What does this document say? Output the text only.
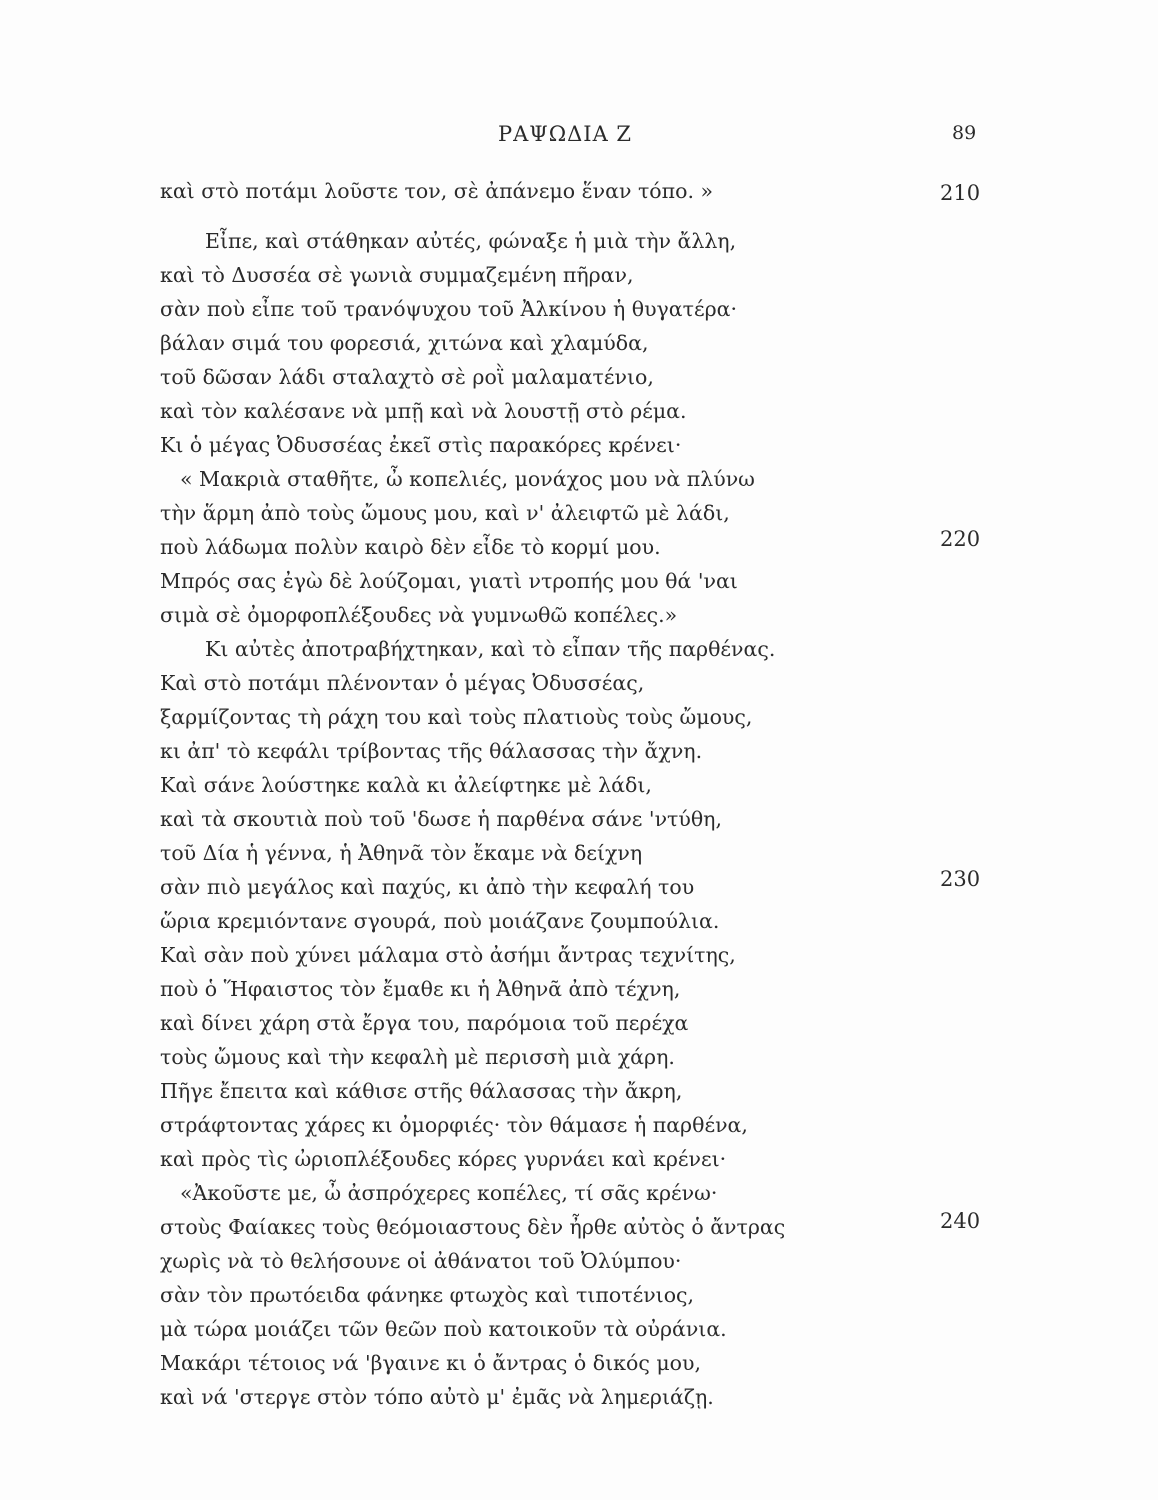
ΡΑΨΩΔΙΑ Ζ	89
καὶ στὸ ποτάμι λοῦστε τον, σὲ ἀπάνεμο ἕναν τόπο. »
Εἶπε, καὶ στάθηκαν αὐτές, φώναξε ἡ μιὰ τὴν ἄλλη,
καὶ τὸ Δυσσέα σὲ γωνιὰ συμμαζεμένη πῆραν,
σὰν ποὺ εἶπε τοῦ τρανόψυχου τοῦ Ἀλκίνου ἡ θυγατέρα·
βάλαν σιμά του φορεσιά, χιτώνα καὶ χλαμύδα,
τοῦ δῶσαν λάδι σταλαχτὸ σὲ ροῒ μαλαματένιο,
καὶ τὸν καλέσανε νὰ μπῇ καὶ νὰ λουστῇ στὸ ρέμα.
Κι ὁ μέγας Ὀδυσσέας ἐκεῖ στὶς παρακόρες κρένει·
« Μακριὰ σταθῆτε, ὦ κοπελιές, μονάχος μου νὰ πλύνω
τὴν ἅρμη ἀπὸ τοὺς ὤμους μου, καὶ ν' ἀλειφτῶ μὲ λάδι,
ποὺ λάδωμα πολὺν καιρὸ δὲν εἶδε τὸ κορμί μου.
Μπρός σας ἐγὼ δὲ λούζομαι, γιατὶ ντροπής μου θά 'ναι
σιμὰ σὲ ὀμορφοπλέξουδες νὰ γυμνωθῶ κοπέλες.»
Κι αὐτὲς ἀποτραβήχτηκαν, καὶ τὸ εἶπαν τῆς παρθένας.
Καὶ στὸ ποτάμι πλένονταν ὁ μέγας Ὀδυσσέας,
ξαρμίζοντας τὴ ράχη του καὶ τοὺς πλατιοὺς τοὺς ὤμους,
κι ἀπ' τὸ κεφάλι τρίβοντας τῆς θάλασσας τὴν ἄχνη.
Καὶ σάνε λούστηκε καλὰ κι ἀλείφτηκε μὲ λάδι,
καὶ τὰ σκουτιὰ ποὺ τοῦ 'δωσε ἡ παρθένα σάνε 'ντύθη,
τοῦ Δία ἡ γέννα, ἡ Ἀθηνᾶ τὸν ἔκαμε νὰ δείχνη
σὰν πιὸ μεγάλος καὶ παχύς, κι ἀπὸ τὴν κεφαλή του
ὥρια κρεμιόντανε σγουρά, ποὺ μοιάζανε ζουμπούλια.
Καὶ σὰν ποὺ χύνει μάλαμα στὸ ἀσήμι ἄντρας τεχνίτης,
ποὺ ὁ Ἥφαιστος τὸν ἔμαθε κι ἡ Ἀθηνᾶ ἀπὸ τέχνη,
καὶ δίνει χάρη στὰ ἔργα του, παρόμοια τοῦ περέχα
τοὺς ὤμους καὶ τὴν κεφαλὴ μὲ περισσὴ μιὰ χάρη.
Πῆγε ἔπειτα καὶ κάθισε στῆς θάλασσας τὴν ἄκρη,
στράφτοντας χάρες κι ὀμορφιές· τὸν θάμασε ἡ παρθένα,
καὶ πρὸς τὶς ὠριοπλέξουδες κόρες γυρνάει καὶ κρένει·
«Ἀκοῦστε με, ὦ ἀσπρόχερες κοπέλες, τί σᾶς κρένω·
στοὺς Φαίακες τοὺς θεόμοιαστους δὲν ἦρθε αὐτὸς ὁ ἄντρας
χωρὶς νὰ τὸ θελήσουνε οἱ ἀθάνατοι τοῦ Ὀλύμπου·
σὰν τὸν πρωτόειδα φάνηκε φτωχὸς καὶ τιποτένιος,
μὰ τώρα μοιάζει τῶν θεῶν ποὺ κατοικοῦν τὰ οὐράνια.
Μακάρι τέτοιος νά 'βγαινε κι ὁ ἄντρας ὁ δικός μου,
καὶ νά 'στεργε στὸν τόπο αὐτὸ μ' ἐμᾶς νὰ λημεριάζῃ.
210
220
230
240
